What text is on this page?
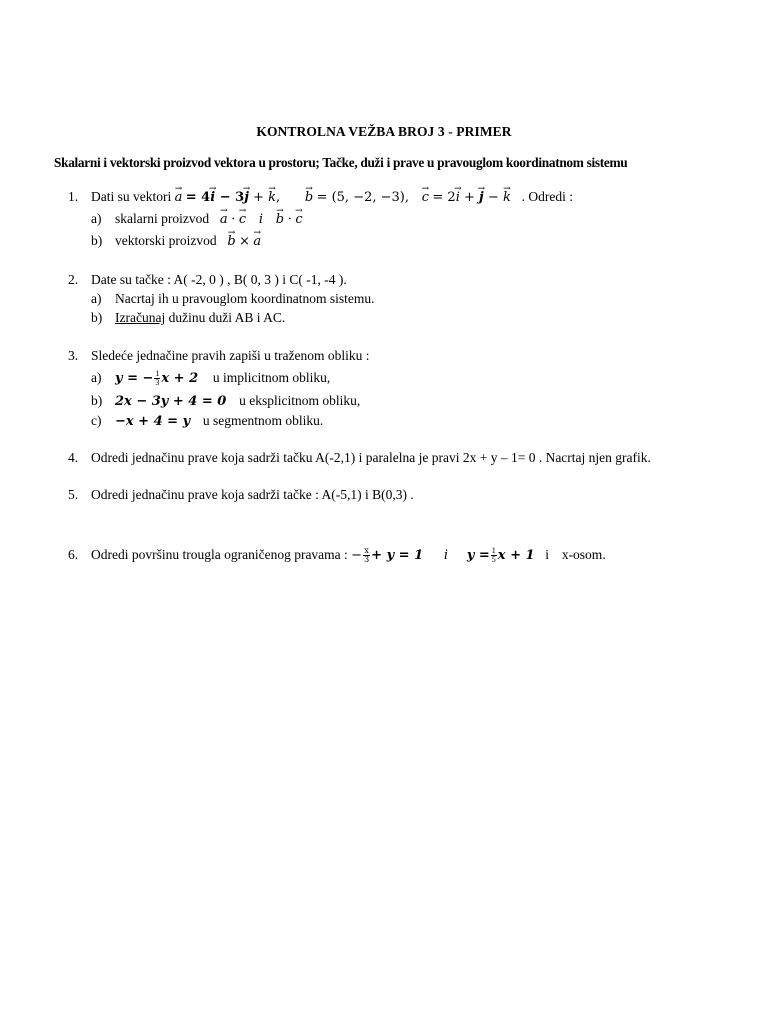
KONTROLNA VEŽBA BROJ 3 - PRIMER
Skalarni i vektorski proizvod vektora u prostoru; Tačke, duži i prave u pravouglom koordinatnom sistemu
1. Dati su vektori → a = 4→ i − 3→ j + → k, → b = (5, −2, −3), → c = 2→ i + → j − → k . Odredi :
a) skalarni proizvod → a ⋅ → c i → b ⋅ → c
b) vektorski proizvod → b × → a
2. Date su tačke : A( -2, 0 ) , B( 0, 3 ) i C( -1, -4 ).
a) Nacrtaj ih u pravouglom koordinatnom sistemu.
b) Izračunaj dužinu duži AB i AC.
3. Sledeće jednačine pravih zapiši u traženom obliku :
a) y = − $\frac{1}{3}$ x + 2 u implicitnom obliku,
b) 2x − 3y + 4 = 0 u eksplicitnom obliku,
c) −x + 4 = y u segmentnom obliku.
4. Odredi jednačinu prave koja sadrži tačku A(-2,1) i paralelna je pravi 2x + y – 1= 0 . Nacrtaj njen grafik.
5. Odredi jednačinu prave koja sadrži tačke : A(-5,1) i B(0,3) .
6. Odredi površinu trougla ograničenog pravama : − $\frac{x}{3} + y = 1$ i $y = \frac{1}{5}$ x + 1 i x-osom.
